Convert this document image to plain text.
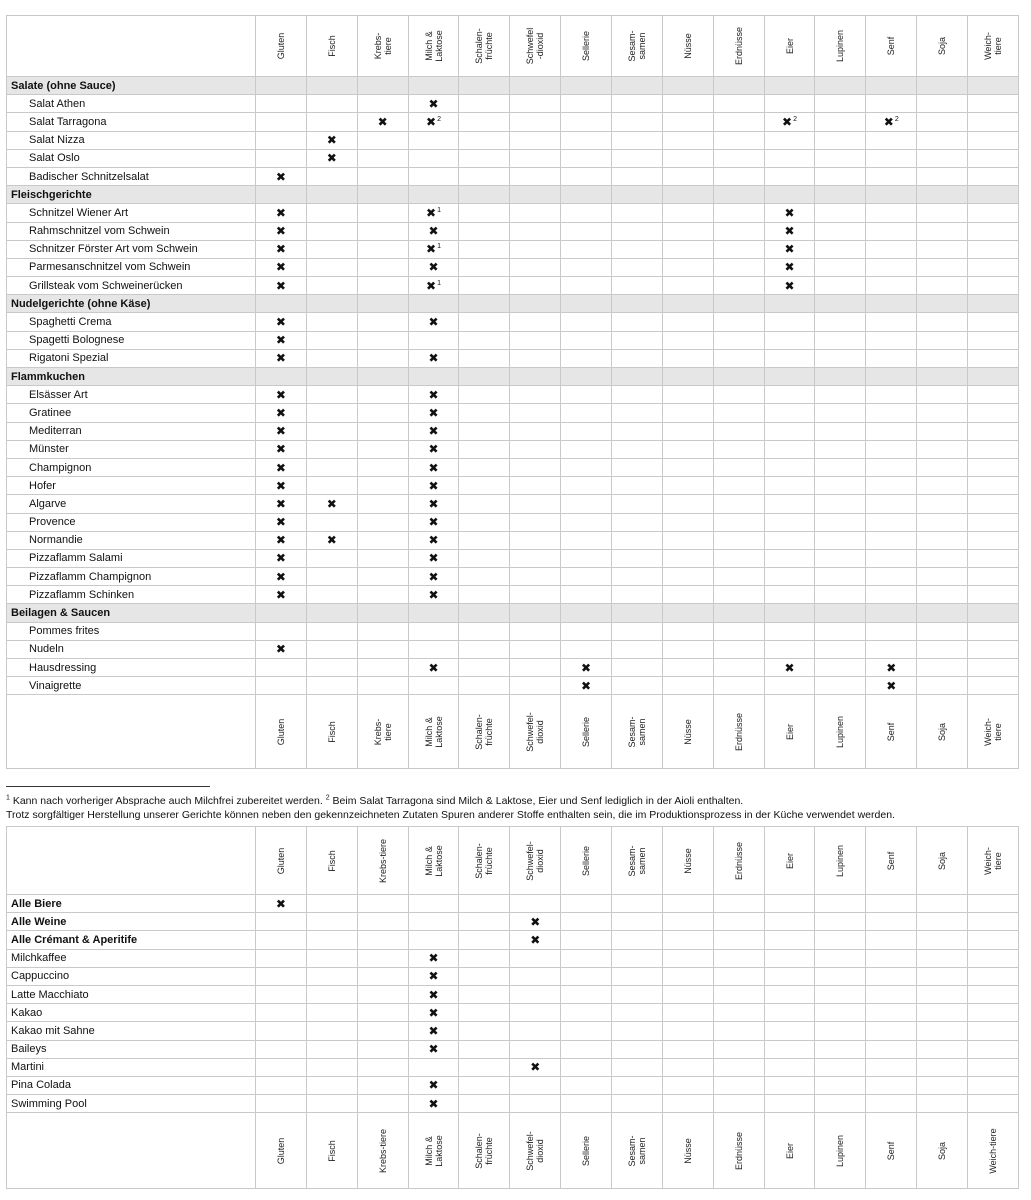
	Gluten	Fisch	Krebs-
tiere	Milch &
Laktose	Schalen-
früchte	Schwefel
-dioxid	Sellerie	Sesam-
samen	Nüsse	Erdnüsse	Eier	Lupinen	Senf	Soja	Weich-
tiere

Salate (ohne Sauce)															
Salat Athen				✖											
Salat Tarragona			✖	✖$^2$							✖$^2$		✖$^2$		
Salat Nizza		✖													
Salat Oslo		✖													
Badischer Schnitzelsalat	✖														
Fleischgerichte															
Schnitzel Wiener Art	✖			✖$^1$							✖				
Rahmschnitzel vom Schwein	✖			✖							✖				
Schnitzer Förster Art vom Schwein	✖			✖$^1$							✖				
Parmesanschnitzel vom Schwein	✖			✖							✖				
Grillsteak vom Schweinerücken	✖			✖$^1$							✖				
Nudelgerichte (ohne Käse)															
Spaghetti Crema	✖			✖											
Spagetti Bolognese	✖														
Rigatoni Spezial	✖			✖											
Flammkuchen															
Elsässer Art	✖			✖											
Gratinee	✖			✖											
Mediterran	✖			✖											
Münster	✖			✖											
Champignon	✖			✖											
Hofer	✖			✖											
Algarve	✖	✖		✖											
Provence	✖			✖											
Normandie	✖	✖		✖											
Pizzaflamm Salami	✖			✖											
Pizzaflamm Champignon	✖			✖											
Pizzaflamm Schinken	✖			✖											
Beilagen & Saucen															
Pommes frites															
Nudeln	✖														
Hausdressing				✖			✖				✖		✖		
Vinaigrette							✖						✖		

	Gluten	Fisch	Krebs-
tiere	Milch &
Laktose	Schalen-
früchte	Schwefel-
dioxid	Sellerie	Sesam-
samen	Nüsse	Erdnüsse	Eier	Lupinen	Senf	Soja	Weich-
tiere
$^1$ Kann nach vorheriger Absprache auch Milchfrei zubereitet werden. $^2$ Beim Salat Tarragona sind Milch & Laktose, Eier und Senf lediglich in der Aioli enthalten.
Trotz sorgfältiger Herstellung unserer Gerichte können neben den gekennzeichneten Zutaten Spuren anderer Stoffe enthalten sein, die im Produktionsprozess in der Küche verwendet werden.

	Gluten	Fisch	Krebs-tiere	Milch &
Laktose	Schalen-
früchte	Schwefel-
dioxid	Sellerie	Sesam-
samen	Nüsse	Erdnüsse	Eier	Lupinen	Senf	Soja	Weich-
tiere

Alle Biere	✖														
Alle Weine						✖									
Alle Crémant & Aperitife						✖									
Milchkaffee				✖											
Cappuccino				✖											
Latte Macchiato				✖											
Kakao				✖											
Kakao mit Sahne				✖											
Baileys				✖											
Martini						✖									
Pina Colada				✖											
Swimming Pool				✖											

	Gluten	Fisch	Krebs-tiere	Milch &
Laktose	Schalen-
früchte	Schwefel-
dioxid	Sellerie	Sesam-
samen	Nüsse	Erdnüsse	Eier	Lupinen	Senf	Soja	Weich-tiere
